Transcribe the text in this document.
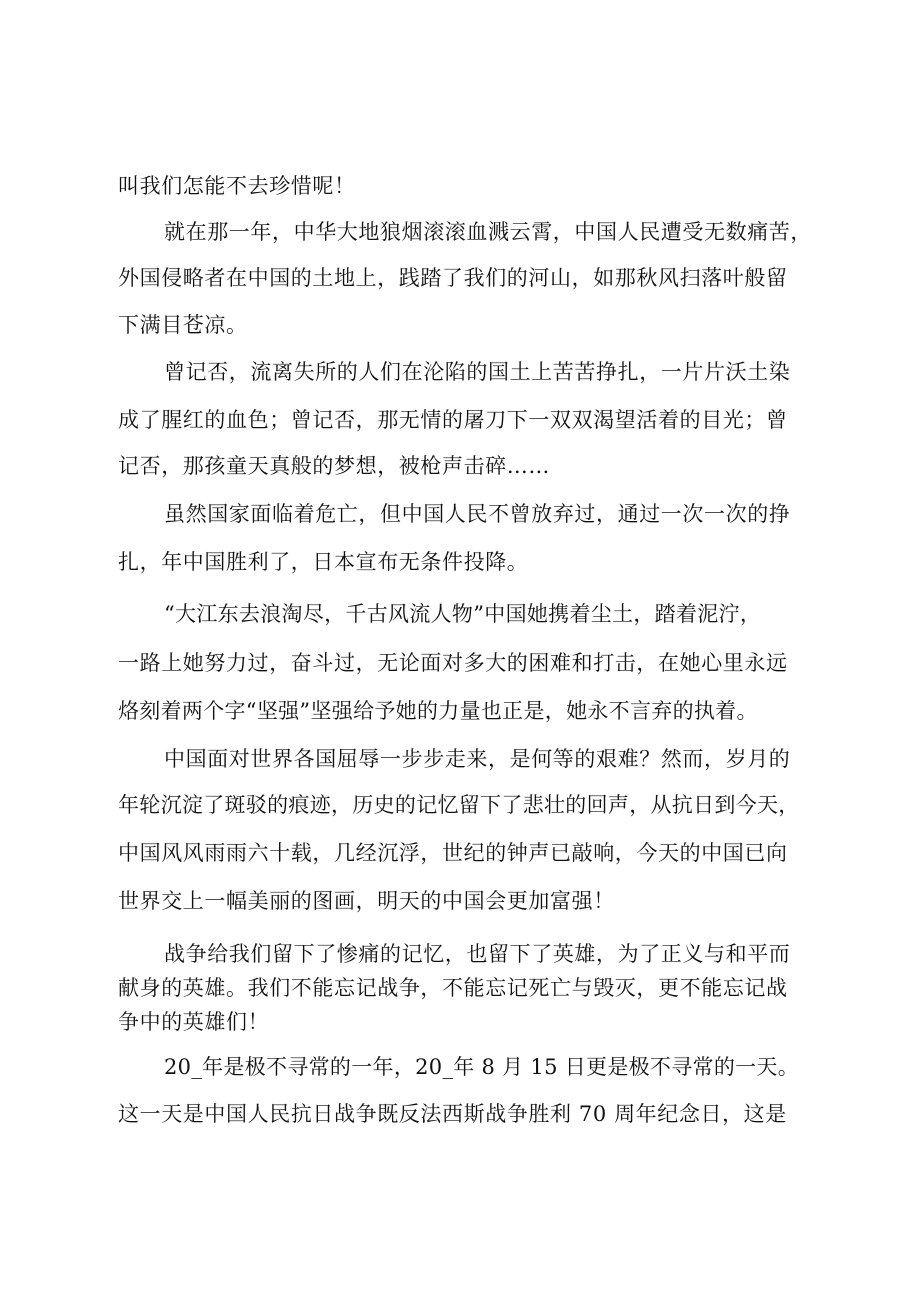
叫我们怎能不去珍惜呢！
就在那一年，中华大地狼烟滚滚血溅云霄，中国人民遭受无数痛苦，
外国侵略者在中国的土地上，践踏了我们的河山，如那秋风扫落叶般留
下满目苍凉。
曾记否，流离失所的人们在沦陷的国土上苦苦挣扎，一片片沃土染
成了腥红的血色；曾记否，那无情的屠刀下一双双渴望活着的目光；曾
记否，那孩童天真般的梦想，被枪声击碎……
虽然国家面临着危亡，但中国人民不曾放弃过，通过一次一次的挣
扎，年中国胜利了，日本宣布无条件投降。
“大江东去浪淘尽，千古风流人物”中国她携着尘土，踏着泥泞，
一路上她努力过，奋斗过，无论面对多大的困难和打击，在她心里永远
烙刻着两个字“坚强”坚强给予她的力量也正是，她永不言弃的执着。
中国面对世界各国屈辱一步步走来，是何等的艰难？然而，岁月的
年轮沉淀了斑驳的痕迹，历史的记忆留下了悲壮的回声，从抗日到今天，
中国风风雨雨六十载，几经沉浮，世纪的钟声已敲响，今天的中国已向
世界交上一幅美丽的图画，明天的中国会更加富强！
战争给我们留下了惨痛的记忆，也留下了英雄，为了正义与和平而
献身的英雄。我们不能忘记战争，不能忘记死亡与毁灭，更不能忘记战
争中的英雄们！
20_年是极不寻常的一年，20_年 8 月 15 日更是极不寻常的一天。
这一天是中国人民抗日战争既反法西斯战争胜利 70 周年纪念日，这是
